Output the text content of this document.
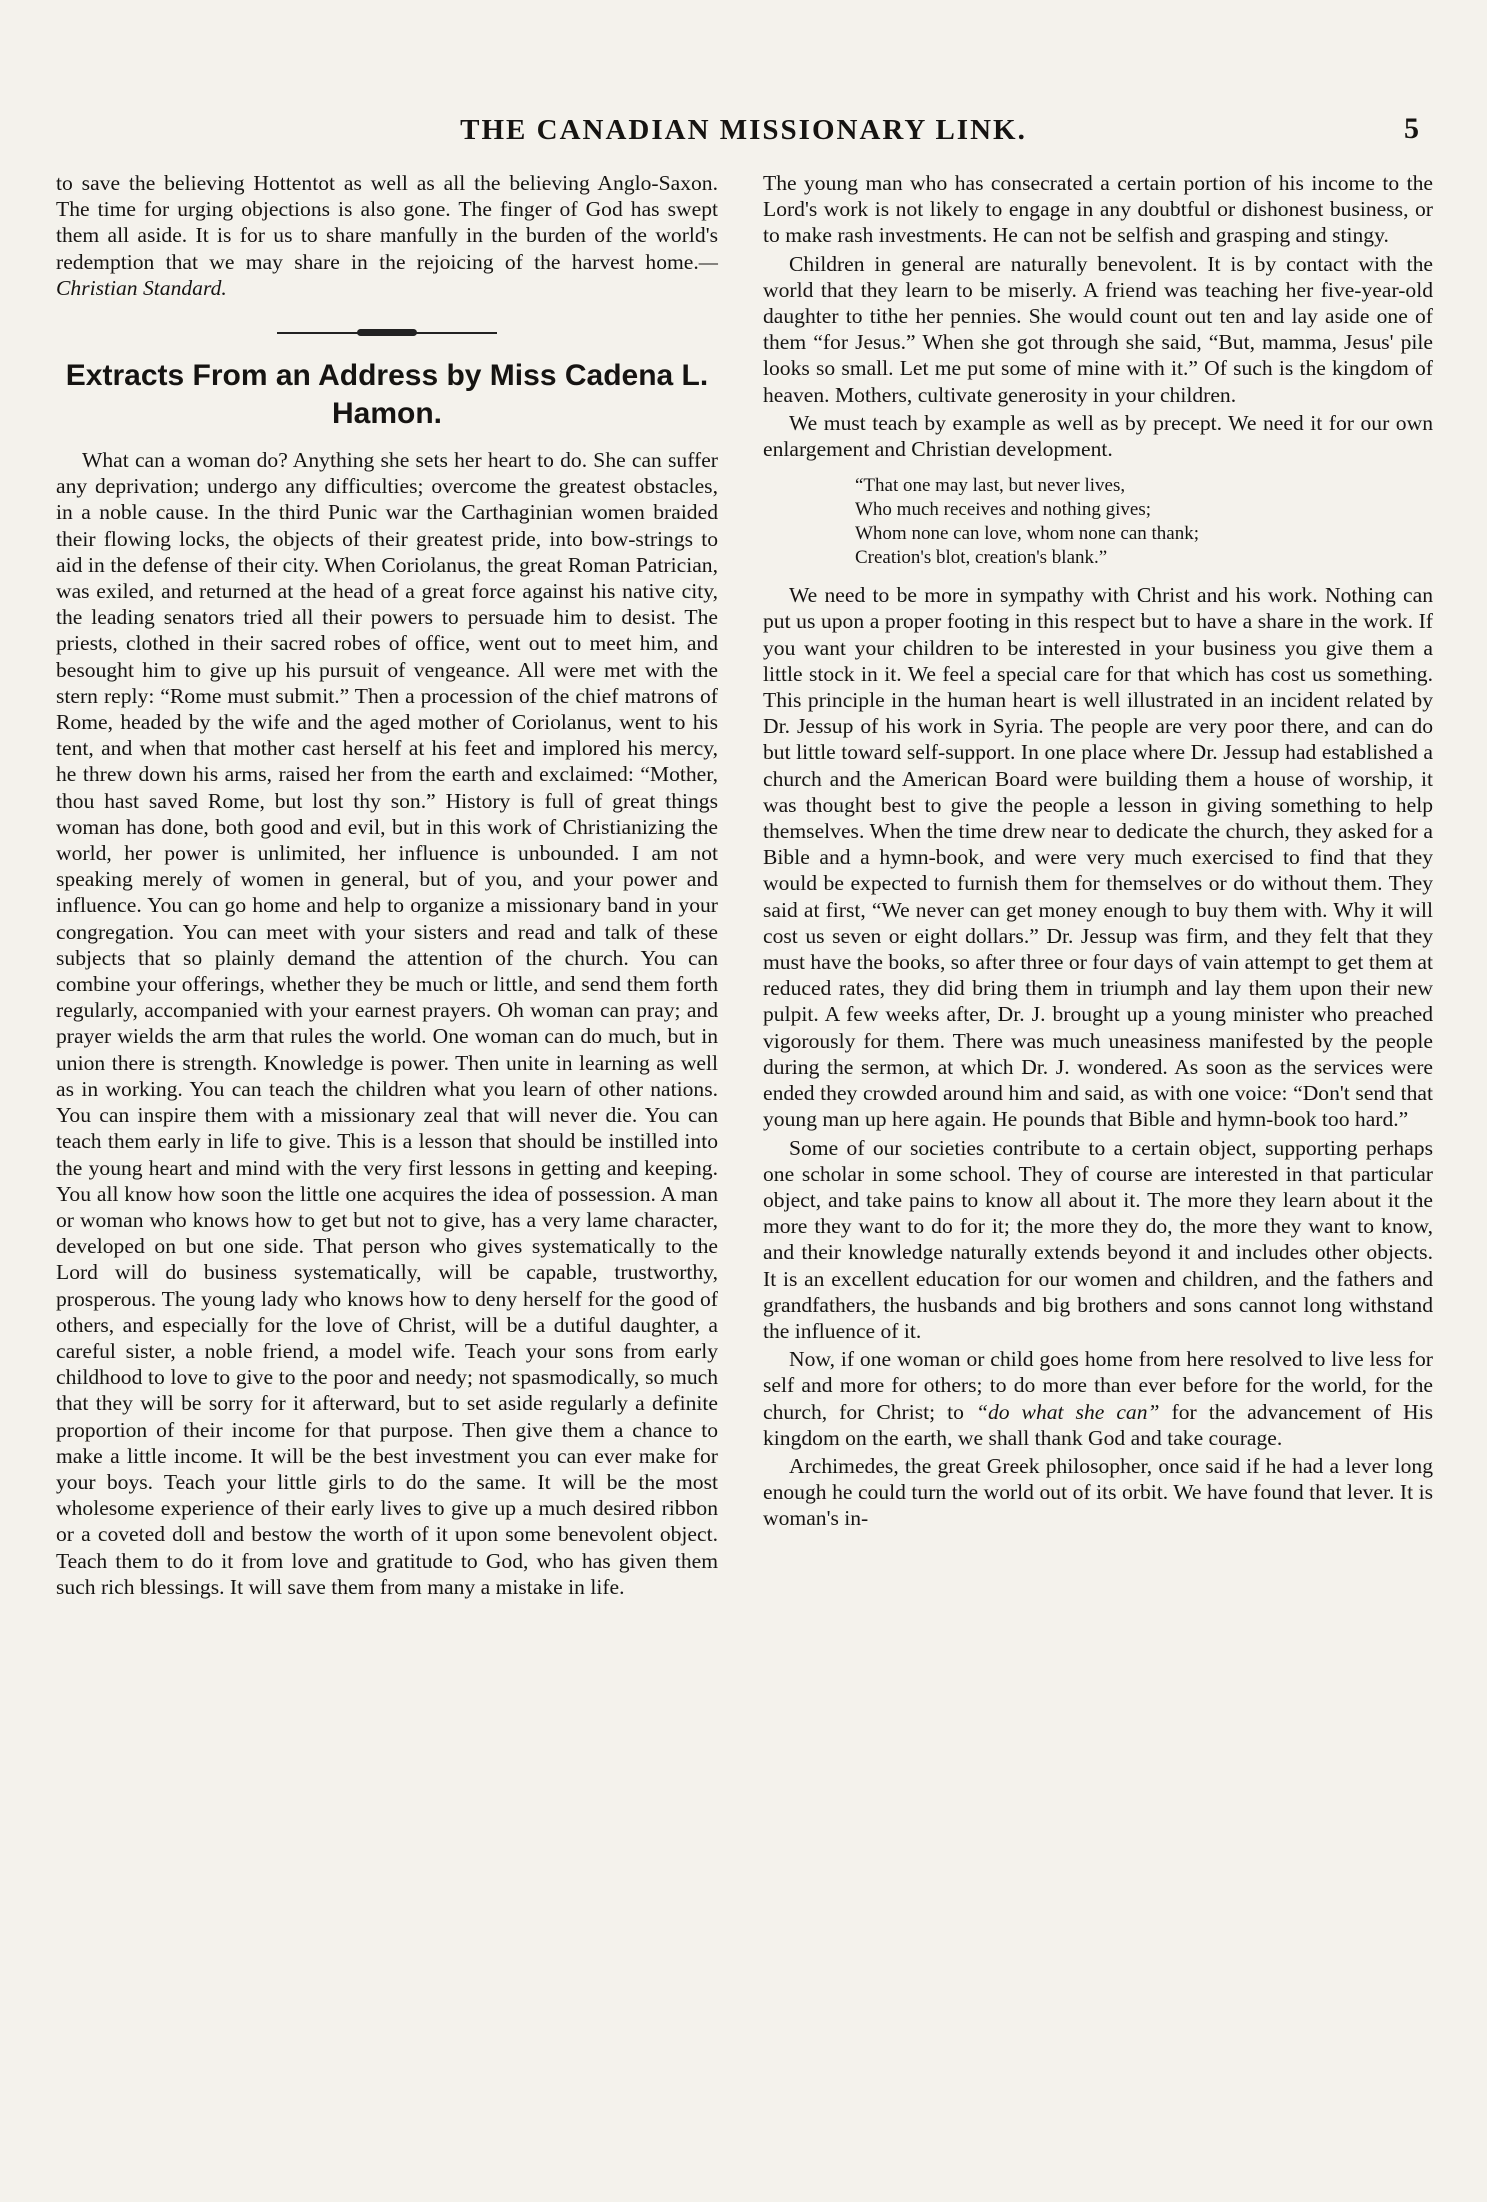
THE CANADIAN MISSIONARY LINK.	5

to save the believing Hottentot as well as all the believing Anglo-Saxon. The time for urging objections is also gone. The finger of God has swept them all aside. It is for us to share manfully in the burden of the world's redemption that we may share in the rejoicing of the harvest home.—Christian Standard.

Extracts From an Address by Miss Cadena L. Hamon.

What can a woman do? Anything she sets her heart to do. She can suffer any deprivation; undergo any difficulties; overcome the greatest obstacles, in a noble cause. In the third Punic war the Carthaginian women braided their flowing locks, the objects of their greatest pride, into bow-strings to aid in the defense of their city. When Coriolanus, the great Roman Patrician, was exiled, and returned at the head of a great force against his native city, the leading senators tried all their powers to persuade him to desist. The priests, clothed in their sacred robes of office, went out to meet him, and besought him to give up his pursuit of vengeance. All were met with the stern reply: “Rome must submit.” Then a procession of the chief matrons of Rome, headed by the wife and the aged mother of Coriolanus, went to his tent, and when that mother cast herself at his feet and implored his mercy, he threw down his arms, raised her from the earth and exclaimed: “Mother, thou hast saved Rome, but lost thy son.” History is full of great things woman has done, both good and evil, but in this work of Christianizing the world, her power is unlimited, her influence is unbounded. I am not speaking merely of women in general, but of you, and your power and influence. You can go home and help to organize a missionary band in your congregation. You can meet with your sisters and read and talk of these subjects that so plainly demand the attention of the church. You can combine your offerings, whether they be much or little, and send them forth regularly, accompanied with your earnest prayers. Oh woman can pray; and prayer wields the arm that rules the world. One woman can do much, but in union there is strength. Knowledge is power. Then unite in learning as well as in working. You can teach the children what you learn of other nations. You can inspire them with a missionary zeal that will never die. You can teach them early in life to give. This is a lesson that should be instilled into the young heart and mind with the very first lessons in getting and keeping. You all know how soon the little one acquires the idea of possession. A man or woman who knows how to get but not to give, has a very lame character, developed on but one side. That person who gives systematically to the Lord will do business systematically, will be capable, trustworthy, prosperous. The young lady who knows how to deny herself for the good of others, and especially for the love of Christ, will be a dutiful daughter, a careful sister, a noble friend, a model wife. Teach your sons from early childhood to love to give to the poor and needy; not spasmodically, so much that they will be sorry for it afterward, but to set aside regularly a definite proportion of their income for that purpose. Then give them a chance to make a little income. It will be the best investment you can ever make for your boys. Teach your little girls to do the same. It will be the most wholesome experience of their early lives to give up a much desired ribbon or a coveted doll and bestow the worth of it upon some benevolent object. Teach them to do it from love and gratitude to God, who has given them such rich blessings. It will save them from many a mistake in life.

The young man who has consecrated a certain portion of his income to the Lord's work is not likely to engage in any doubtful or dishonest business, or to make rash investments. He can not be selfish and grasping and stingy.

Children in general are naturally benevolent. It is by contact with the world that they learn to be miserly. A friend was teaching her five-year-old daughter to tithe her pennies. She would count out ten and lay aside one of them “for Jesus.” When she got through she said, “But, mamma, Jesus' pile looks so small. Let me put some of mine with it.” Of such is the kingdom of heaven. Mothers, cultivate generosity in your children.

We must teach by example as well as by precept. We need it for our own enlargement and Christian development.

“That one may last, but never lives,
Who much receives and nothing gives;
Whom none can love, whom none can thank;
Creation's blot, creation's blank.”

We need to be more in sympathy with Christ and his work. Nothing can put us upon a proper footing in this respect but to have a share in the work. If you want your children to be interested in your business you give them a little stock in it. We feel a special care for that which has cost us something. This principle in the human heart is well illustrated in an incident related by Dr. Jessup of his work in Syria. The people are very poor there, and can do but little toward self-support. In one place where Dr. Jessup had established a church and the American Board were building them a house of worship, it was thought best to give the people a lesson in giving something to help themselves. When the time drew near to dedicate the church, they asked for a Bible and a hymn-book, and were very much exercised to find that they would be expected to furnish them for themselves or do without them. They said at first, “We never can get money enough to buy them with. Why it will cost us seven or eight dollars.” Dr. Jessup was firm, and they felt that they must have the books, so after three or four days of vain attempt to get them at reduced rates, they did bring them in triumph and lay them upon their new pulpit. A few weeks after, Dr. J. brought up a young minister who preached vigorously for them. There was much uneasiness manifested by the people during the sermon, at which Dr. J. wondered. As soon as the services were ended they crowded around him and said, as with one voice: “Don't send that young man up here again. He pounds that Bible and hymn-book too hard.”

Some of our societies contribute to a certain object, supporting perhaps one scholar in some school. They of course are interested in that particular object, and take pains to know all about it. The more they learn about it the more they want to do for it; the more they do, the more they want to know, and their knowledge naturally extends beyond it and includes other objects. It is an excellent education for our women and children, and the fathers and grandfathers, the husbands and big brothers and sons cannot long withstand the influence of it.

Now, if one woman or child goes home from here resolved to live less for self and more for others; to do more than ever before for the world, for the church, for Christ; to “do what she can” for the advancement of His kingdom on the earth, we shall thank God and take courage.

Archimedes, the great Greek philosopher, once said if he had a lever long enough he could turn the world out of its orbit. We have found that lever. It is woman's in-
